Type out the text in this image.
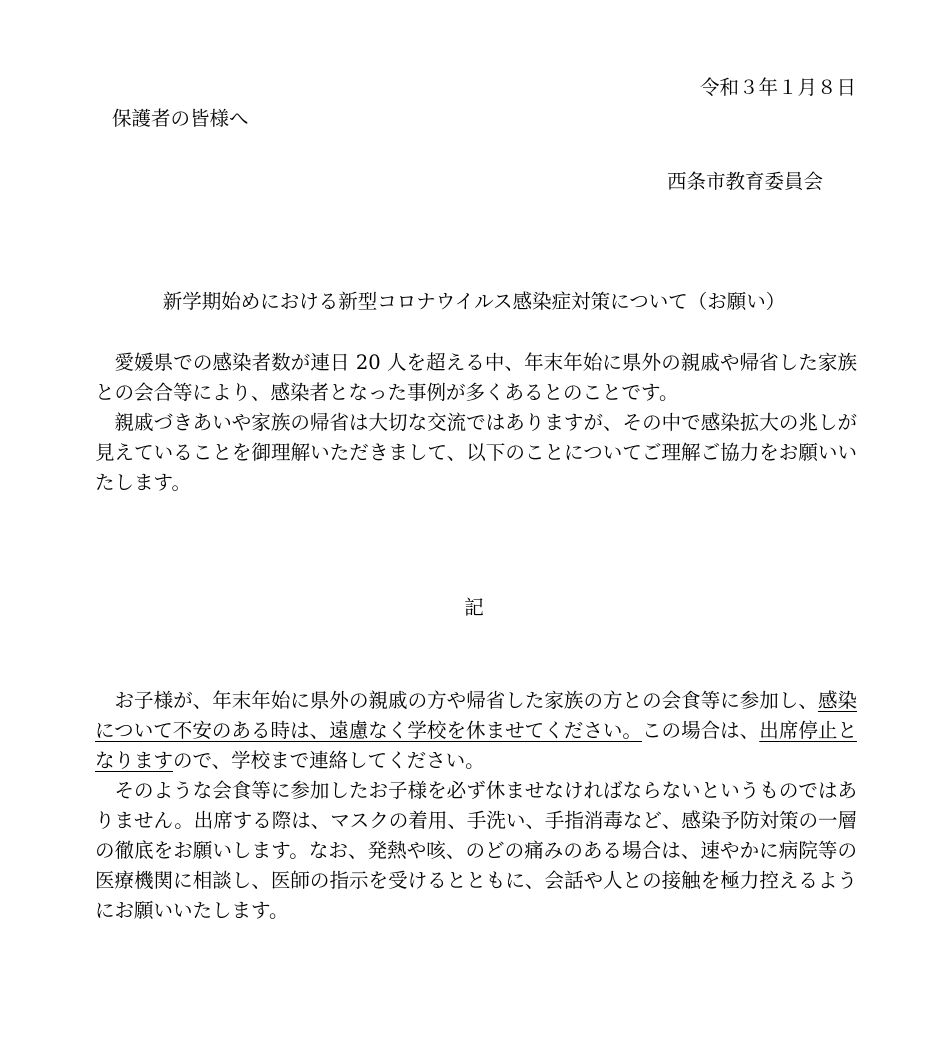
令和３年１月８日
保護者の皆様へ
西条市教育委員会
新学期始めにおける新型コロナウイルス感染症対策について（お願い）

愛媛県での感染者数が連日 20 人を超える中、年末年始に県外の親戚や帰省した家族との会合等により、感染者となった事例が多くあるとのことです。

親戚づきあいや家族の帰省は大切な交流ではありますが、その中で感染拡大の兆しが見えていることを御理解いただきまして、以下のことについてご理解ご協力をお願いいたします。

記

お子様が、年末年始に県外の親戚の方や帰省した家族の方との会食等に参加し、感染について不安のある時は、遠慮なく学校を休ませてください。この場合は、出席停止となりますので、学校まで連絡してください。

そのような会食等に参加したお子様を必ず休ませなければならないというものではありません。出席する際は、マスクの着用、手洗い、手指消毒など、感染予防対策の一層の徹底をお願いします。なお、発熱や咳、のどの痛みのある場合は、速やかに病院等の医療機関に相談し、医師の指示を受けるとともに、会話や人との接触を極力控えるようにお願いいたします。
